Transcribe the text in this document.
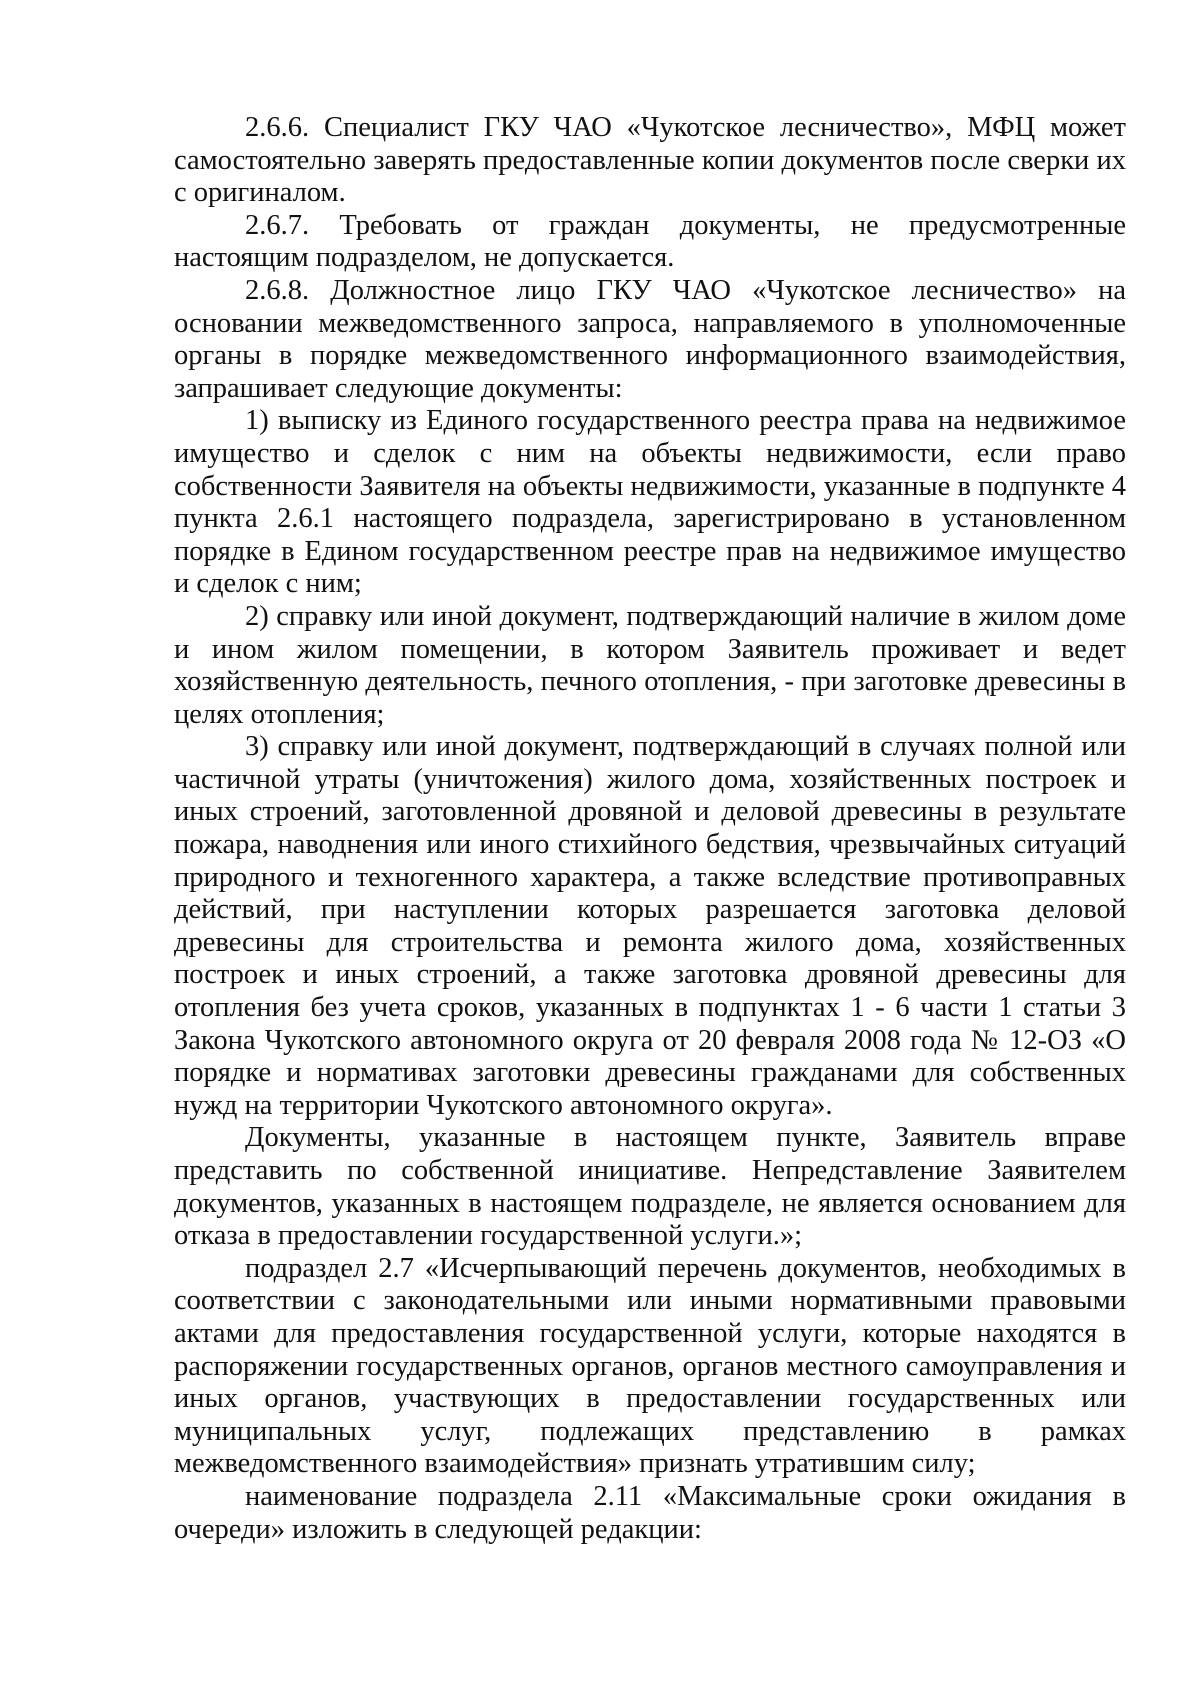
2.6.6. Специалист ГКУ ЧАО «Чукотское лесничество», МФЦ может самостоятельно заверять предоставленные копии документов после сверки их с оригиналом.

2.6.7. Требовать от граждан документы, не предусмотренные настоящим подразделом, не допускается.

2.6.8. Должностное лицо ГКУ ЧАО «Чукотское лесничество» на основании межведомственного запроса, направляемого в уполномоченные органы в порядке межведомственного информационного взаимодействия, запрашивает следующие документы:

1) выписку из Единого государственного реестра права на недвижимое имущество и сделок с ним на объекты недвижимости, если право собственности Заявителя на объекты недвижимости, указанные в подпункте 4 пункта 2.6.1 настоящего подраздела, зарегистрировано в установленном порядке в Едином государственном реестре прав на недвижимое имущество и сделок с ним;

2) справку или иной документ, подтверждающий наличие в жилом доме и ином жилом помещении, в котором Заявитель проживает и ведет хозяйственную деятельность, печного отопления, - при заготовке древесины в целях отопления;

3) справку или иной документ, подтверждающий в случаях полной или частичной утраты (уничтожения) жилого дома, хозяйственных построек и иных строений, заготовленной дровяной и деловой древесины в результате пожара, наводнения или иного стихийного бедствия, чрезвычайных ситуаций природного и техногенного характера, а также вследствие противоправных действий, при наступлении которых разрешается заготовка деловой древесины для строительства и ремонта жилого дома, хозяйственных построек и иных строений, а также заготовка дровяной древесины для отопления без учета сроков, указанных в подпунктах 1 - 6 части 1 статьи 3 Закона Чукотского автономного округа от 20 февраля 2008 года № 12-ОЗ «О порядке и нормативах заготовки древесины гражданами для собственных нужд на территории Чукотского автономного округа».

Документы, указанные в настоящем пункте, Заявитель вправе представить по собственной инициативе. Непредставление Заявителем документов, указанных в настоящем подразделе, не является основанием для отказа в предоставлении государственной услуги.»;

подраздел 2.7 «Исчерпывающий перечень документов, необходимых в соответствии с законодательными или иными нормативными правовыми актами для предоставления государственной услуги, которые находятся в распоряжении государственных органов, органов местного самоуправления и иных органов, участвующих в предоставлении государственных или муниципальных услуг, подлежащих представлению в рамках межведомственного взаимодействия» признать утратившим силу;

наименование подраздела 2.11 «Максимальные сроки ожидания в очереди» изложить в следующей редакции:
